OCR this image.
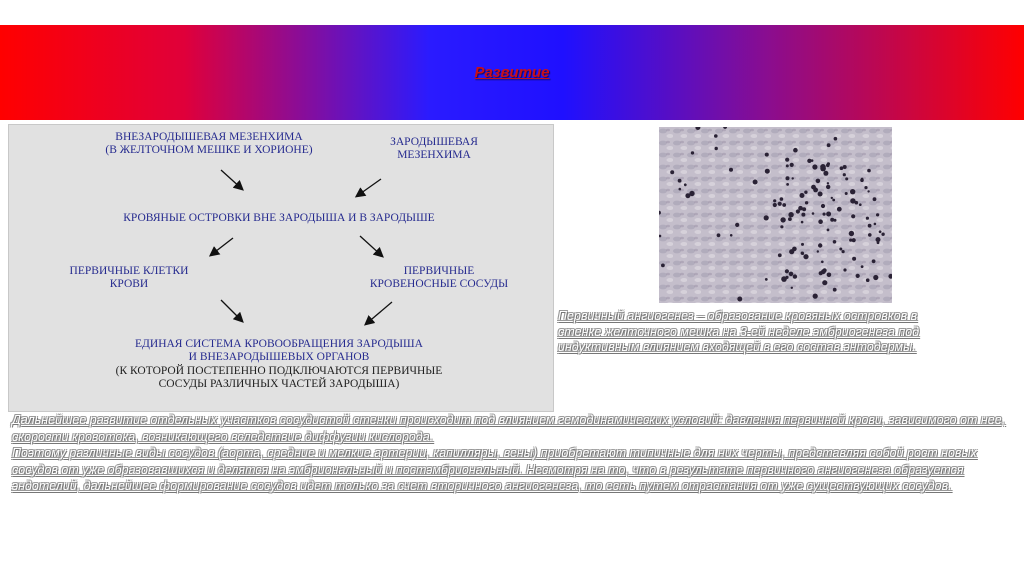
Развитие
ВНЕЗАРОДЫШЕВАЯ МЕЗЕНХИМА
(В ЖЕЛТОЧНОМ МЕШКЕ И ХОРИОНЕ)
ЗАРОДЫШЕВАЯ
МЕЗЕНХИМА
КРОВЯНЫЕ ОСТРОВКИ ВНЕ ЗАРОДЫША И В ЗАРОДЫШЕ
ПЕРВИЧНЫЕ КЛЕТКИ
КРОВИ
ПЕРВИЧНЫЕ
КРОВЕНОСНЫЕ СОСУДЫ
ЕДИНАЯ СИСТЕМА КРОВООБРАЩЕНИЯ ЗАРОДЫША
И ВНЕЗАРОДЫШЕВЫХ ОРГАНОВ
(К КОТОРОЙ ПОСТЕПЕННО ПОДКЛЮЧАЮТСЯ ПЕРВИЧНЫЕ
СОСУДЫ РАЗЛИЧНЫХ ЧАСТЕЙ ЗАРОДЫША)
Первичный ангиогенез – образование кровяных островков в стенке желточного мешка на 3-ей неделе эмбриогенеза под индуктивным влиянием входящей в его состав энтодермы.

Дальнейшее развитие отдельных участков сосудистой стенки происходит под влиянием гемодинамических условий: давления первичной крови, зависимого от нее, скорости кровотока, возникающего вследствие диффузии кислорода.

Поэтому различные виды сосудов (аорта, средние и мелкие артерии, капилляры, вены) приобретают типичные для них черты, представляя собой рост новых сосудов от уже образовавшихся и делятся на эмбриональный и постэмбриональный. Несмотря на то, что в результате первичного ангиогенеза образуется эндотелий, дальнейшее формирование сосудов идет только за счет вторичного ангиогенеза, то есть путем отрастания от уже существующих сосудов.
